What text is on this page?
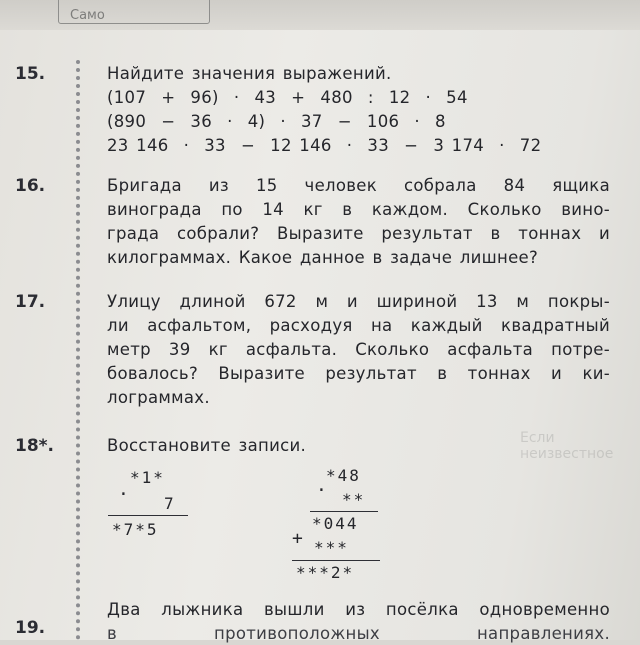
Само
15.	Найдите значения выражений.
(107  +  96)  ·  43  +  480  :  12  ·  54
(890  −  36  ·  4)  ·  37  −  106  ·  8
23 146  ·  33  −  12 146  ·  33  −  3 174  ·  72
16.	Бригада из 15 человек собрала 84 ящика
винограда по 14 кг в каждом. Сколько вино-
града собрали? Выразите результат в тоннах и
килограммах. Какое данное в задаче лишнее?
17.	Улицу длиной 672 м и шириной 13 м покры-
ли асфальтом, расходуя на каждый квадратный
метр 39 кг асфальта. Сколько асфальта потре-
бовалось? Выразите результат в тоннах и ки-
лограммах.
Если неизвестное
18*.	Восстановите записи.
*1*
· 7
*7*5
*48
· **
*044
+ ***
***2*
19.
Два лыжника вышли из посёлка одновременно
в противоположных направлениях.
